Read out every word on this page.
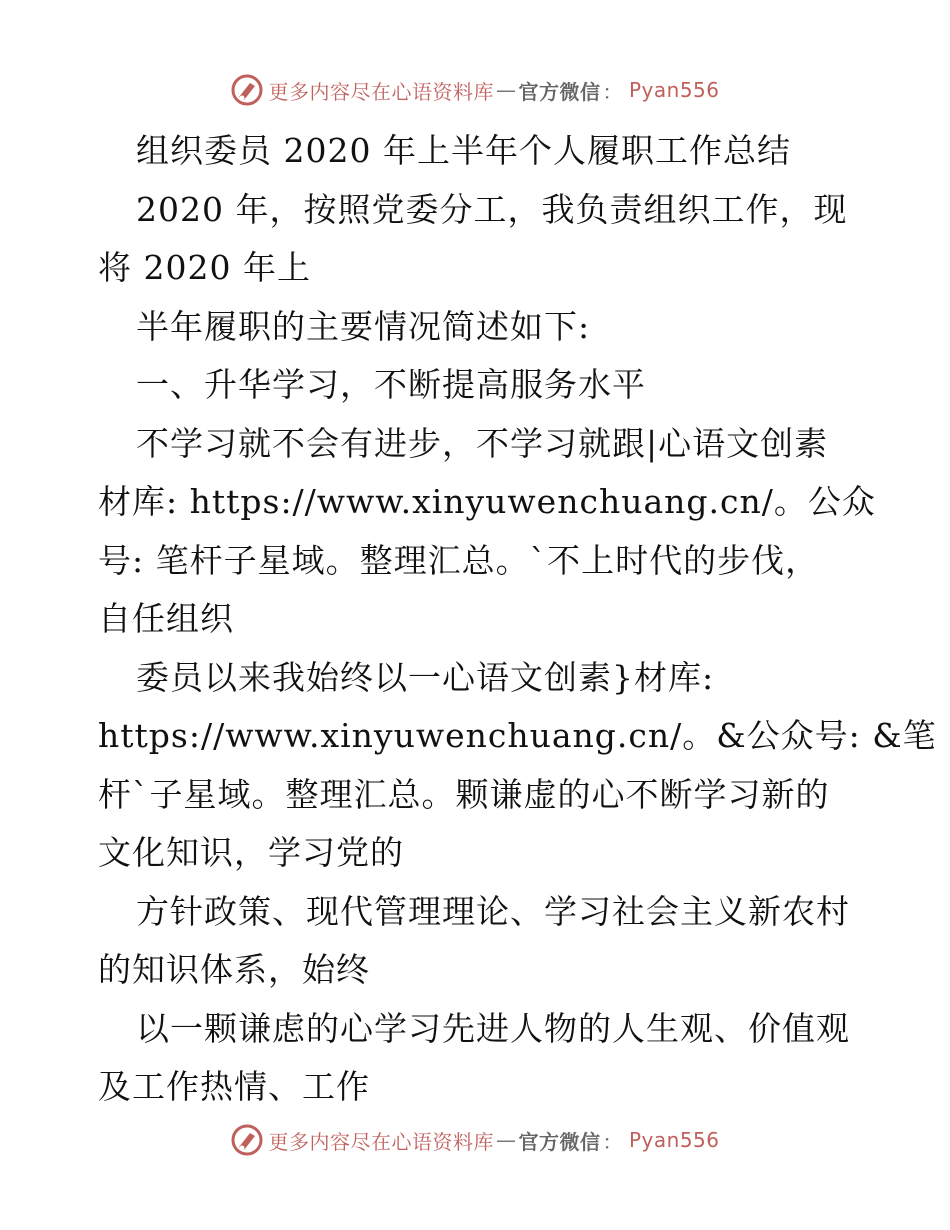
更多内容尽在心语资料库 — 官方微信 ： Pyan556
组织委员 2020 年上半年个人履职工作总结
2020 年，按照党委分工，我负责组织工作，现
将 2020 年上
半年履职的主要情况简述如下:
一、升华学习，不断提高服务水平
不学习就不会有进步，不学习就跟|心语文创素
材库: https://www.xinyuwenchuang.cn/。公众
号: 笔杆子星域。整理汇总。`不上时代的步伐，
自任组织
委员以来我始终以一心语文创素}材库:
https://www.xinyuwenchuang.cn/。&公众号: &笔
杆`子星域。整理汇总。颗谦虚的心不断学习新的
文化知识，学习党的
方针政策、现代管理理论、学习社会主义新农村
的知识体系，始终
以一颗谦虑的心学习先进人物的人生观、价值观
及工作热情、工作
更多内容尽在心语资料库 — 官方微信 ： Pyan556
